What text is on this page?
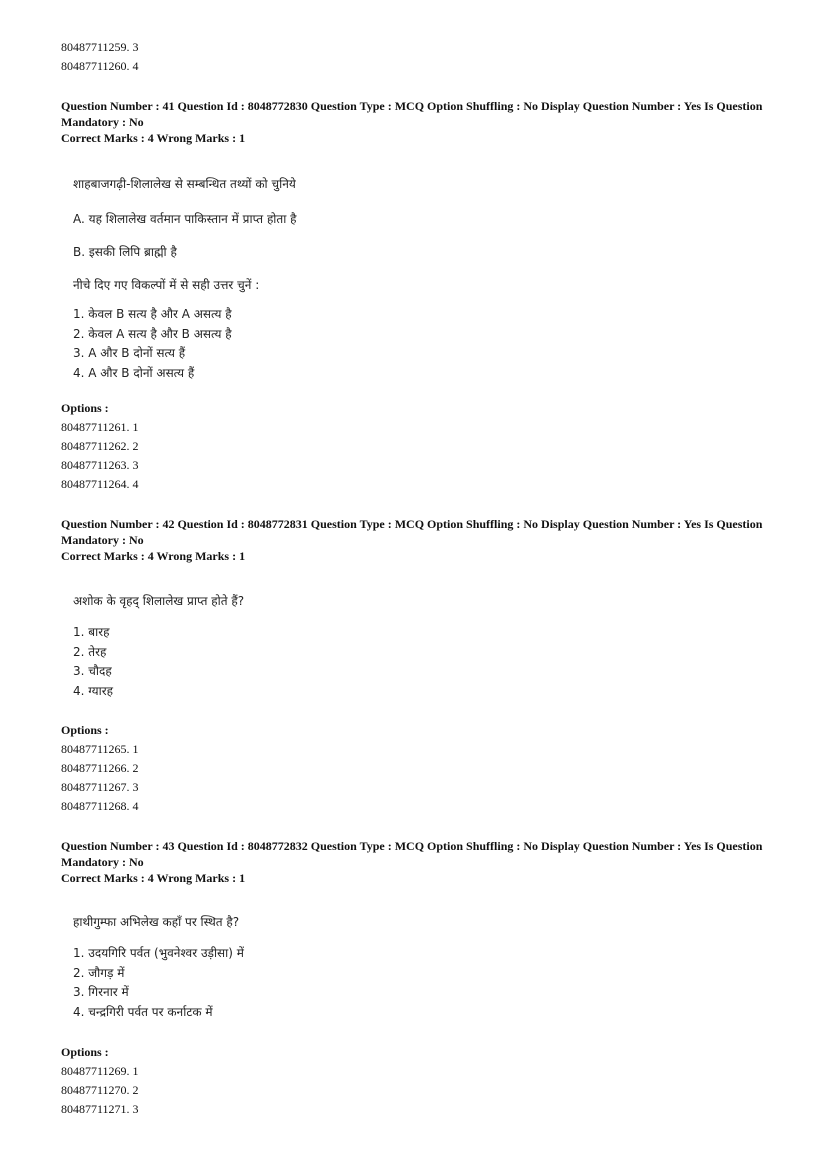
80487711259. 3
80487711260. 4
Question Number : 41 Question Id : 8048772830 Question Type : MCQ Option Shuffling : No Display Question Number : Yes Is Question Mandatory : No
Correct Marks : 4 Wrong Marks : 1

शाहबाजगढ़ी-शिलालेख से सम्बन्धित तथ्यों को चुनिये

A. यह शिलालेख वर्तमान पाकिस्तान में प्राप्त होता है

B. इसकी लिपि ब्राह्मी है

नीचे दिए गए विकल्पों में से सही उत्तर चुनें :

1. केवल B सत्य है और A असत्य है
2. केवल A सत्य है और B असत्य है
3. A और B दोनों सत्य हैं
4. A और B दोनों असत्य हैं
Options :
80487711261. 1
80487711262. 2
80487711263. 3
80487711264. 4
Question Number : 42 Question Id : 8048772831 Question Type : MCQ Option Shuffling : No Display Question Number : Yes Is Question Mandatory : No
Correct Marks : 4 Wrong Marks : 1

अशोक के वृहद् शिलालेख प्राप्त होते हैं?

1. बारह
2. तेरह
3. चौदह
4. ग्यारह
Options :
80487711265. 1
80487711266. 2
80487711267. 3
80487711268. 4
Question Number : 43 Question Id : 8048772832 Question Type : MCQ Option Shuffling : No Display Question Number : Yes Is Question Mandatory : No
Correct Marks : 4 Wrong Marks : 1

हाथीगुम्फा अभिलेख कहाँ पर स्थित है?

1. उदयगिरि पर्वत (भुवनेश्वर उड़ीसा) में
2. जौगड़ में
3. गिरनार में
4. चन्द्रगिरी पर्वत पर कर्नाटक में
Options :
80487711269. 1
80487711270. 2
80487711271. 3
